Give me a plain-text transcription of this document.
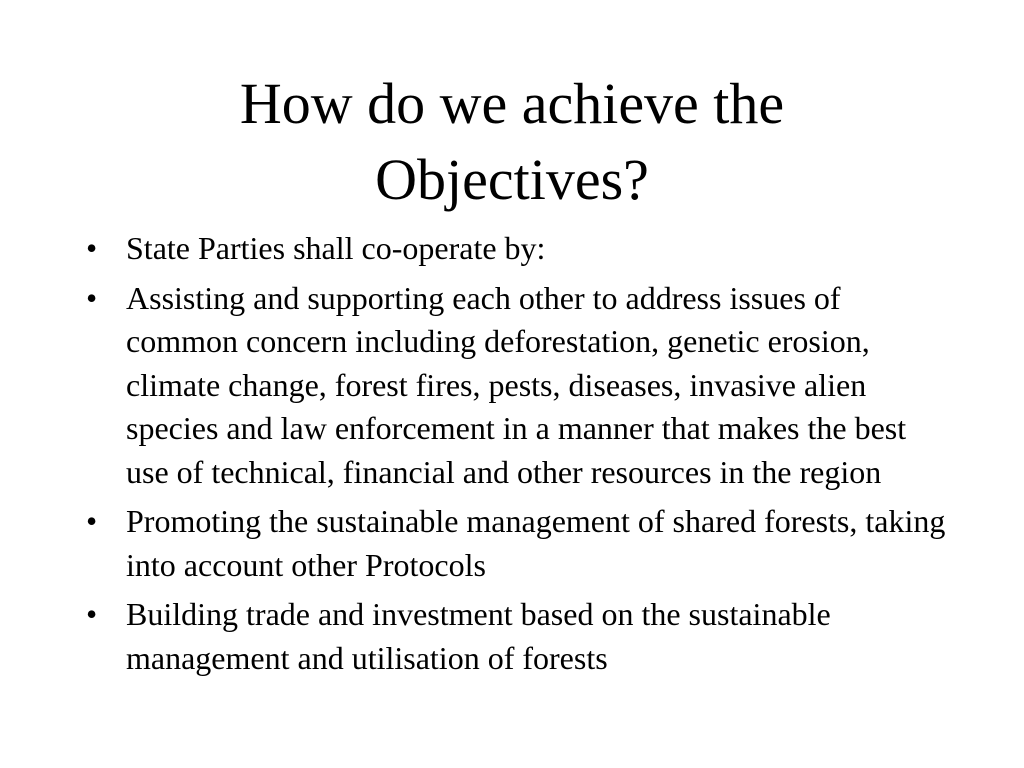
How do we achieve the Objectives?
• State Parties shall co-operate by:
• Assisting and supporting each other to address issues of common concern including deforestation, genetic erosion, climate change, forest fires, pests, diseases, invasive alien species and law enforcement in a manner that makes the best use of technical, financial and other resources in the region
• Promoting the sustainable management of shared forests, taking into account other Protocols
• Building trade and investment based on the sustainable management and utilisation of forests
